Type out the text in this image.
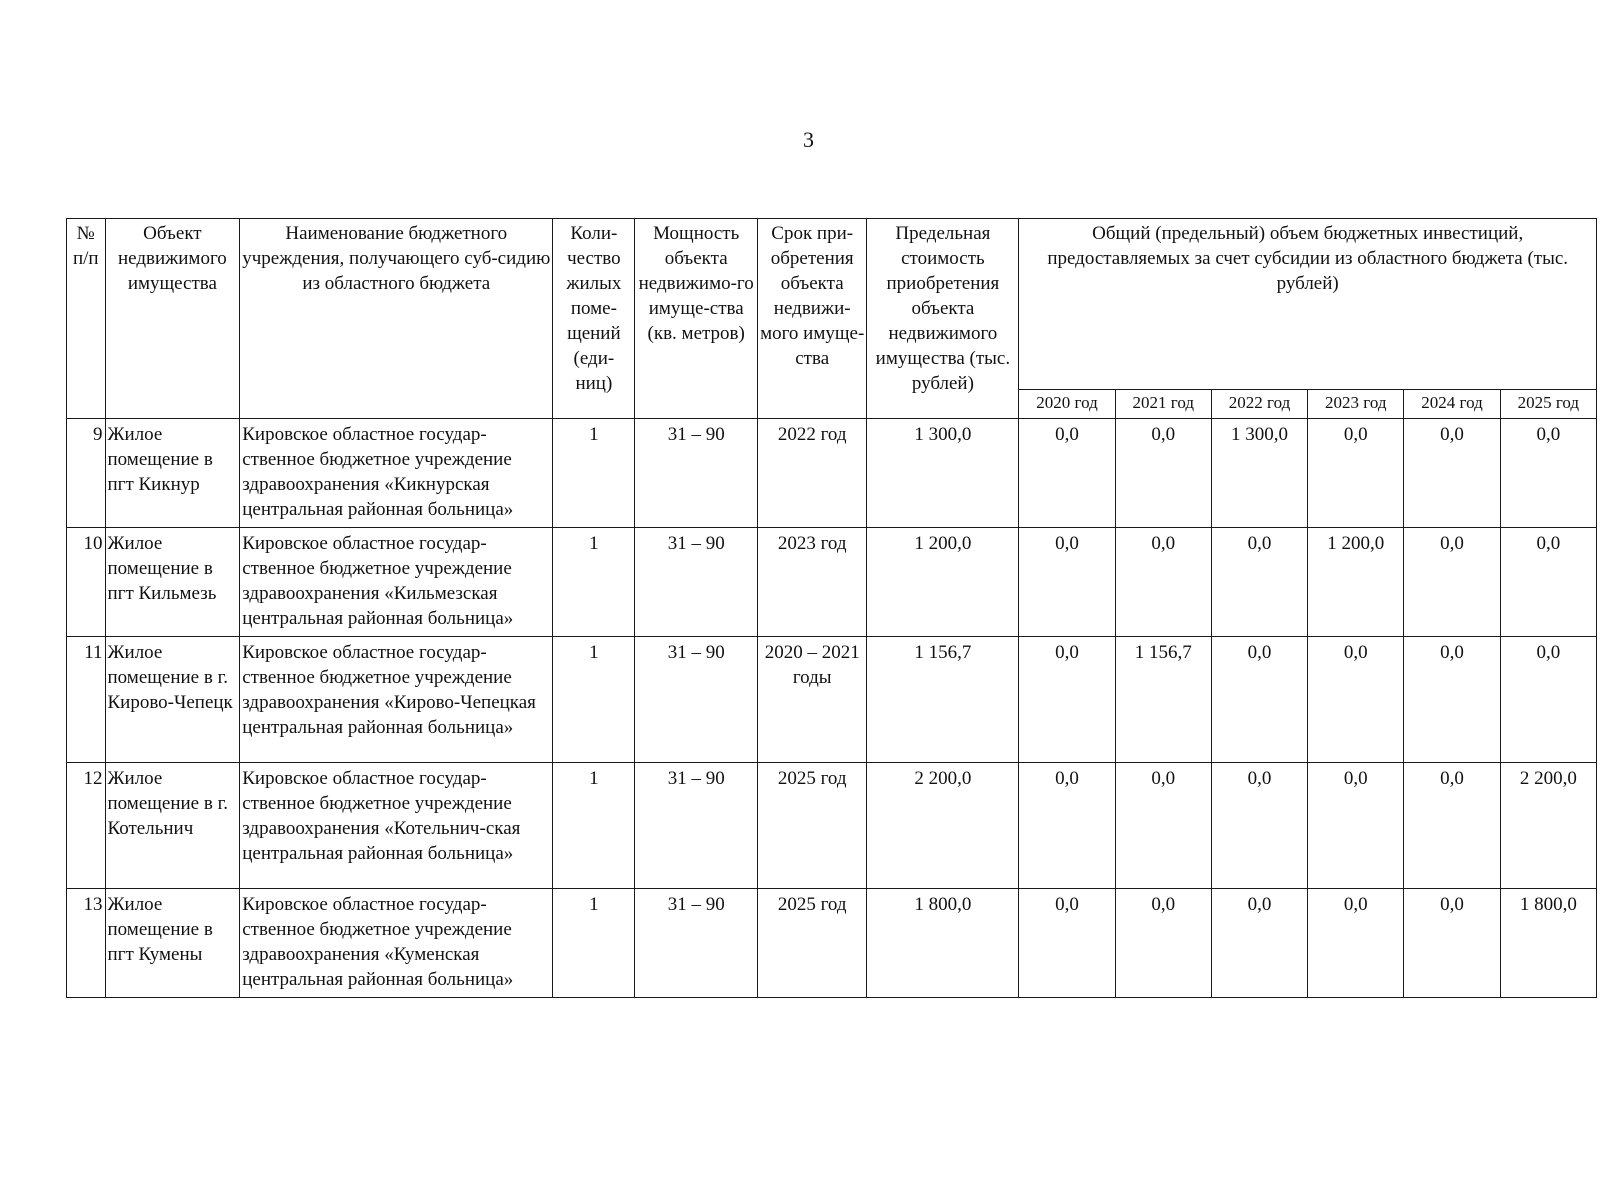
3
№ п/п	Объект недвижимого имущества	Наименование бюджетного учреждения, получающего суб-сидию из областного бюджета	Коли-чество жилых поме-щений (еди-ниц)	Мощность объекта недвижимо-го имуще-ства (кв. метров)	Срок при-обретения объекта недвижи-мого имуще-ства	Предельная стоимость приобретения объекта недвижимого имущества (тыс. рублей)	Общий (предельный) объем бюджетных инвестиций, предоставляемых за счет субсидии из областного бюджета (тыс. рублей)					
							2020 год	2021 год	2022 год	2023 год	2024 год	2025 год
9	Жилое помещение в пгт Кикнур	Кировское областное государ-ственное бюджетное учреждение здравоохранения «Кикнурская центральная районная больница»	1	31 – 90	2022 год	1 300,0	0,0	0,0	1 300,0	0,0	0,0	0,0
10	Жилое помещение в пгт Кильмезь	Кировское областное государ-ственное бюджетное учреждение здравоохранения «Кильмезская центральная районная больница»	1	31 – 90	2023 год	1 200,0	0,0	0,0	0,0	1 200,0	0,0	0,0
11	Жилое помещение в г. Кирово-Чепецк	Кировское областное государ-ственное бюджетное учреждение здравоохранения «Кирово-Чепецкая центральная районная больница»	1	31 – 90	2020 – 2021 годы	1 156,7	0,0	1 156,7	0,0	0,0	0,0	0,0
12	Жилое помещение в г. Котельнич	Кировское областное государ-ственное бюджетное учреждение здравоохранения «Котельнич-ская центральная районная больница»	1	31 – 90	2025 год	2 200,0	0,0	0,0	0,0	0,0	0,0	2 200,0
13	Жилое помещение в пгт Кумены	Кировское областное государ-ственное бюджетное учреждение здравоохранения «Куменская центральная районная больница»	1	31 – 90	2025 год	1 800,0	0,0	0,0	0,0	0,0	0,0	1 800,0
